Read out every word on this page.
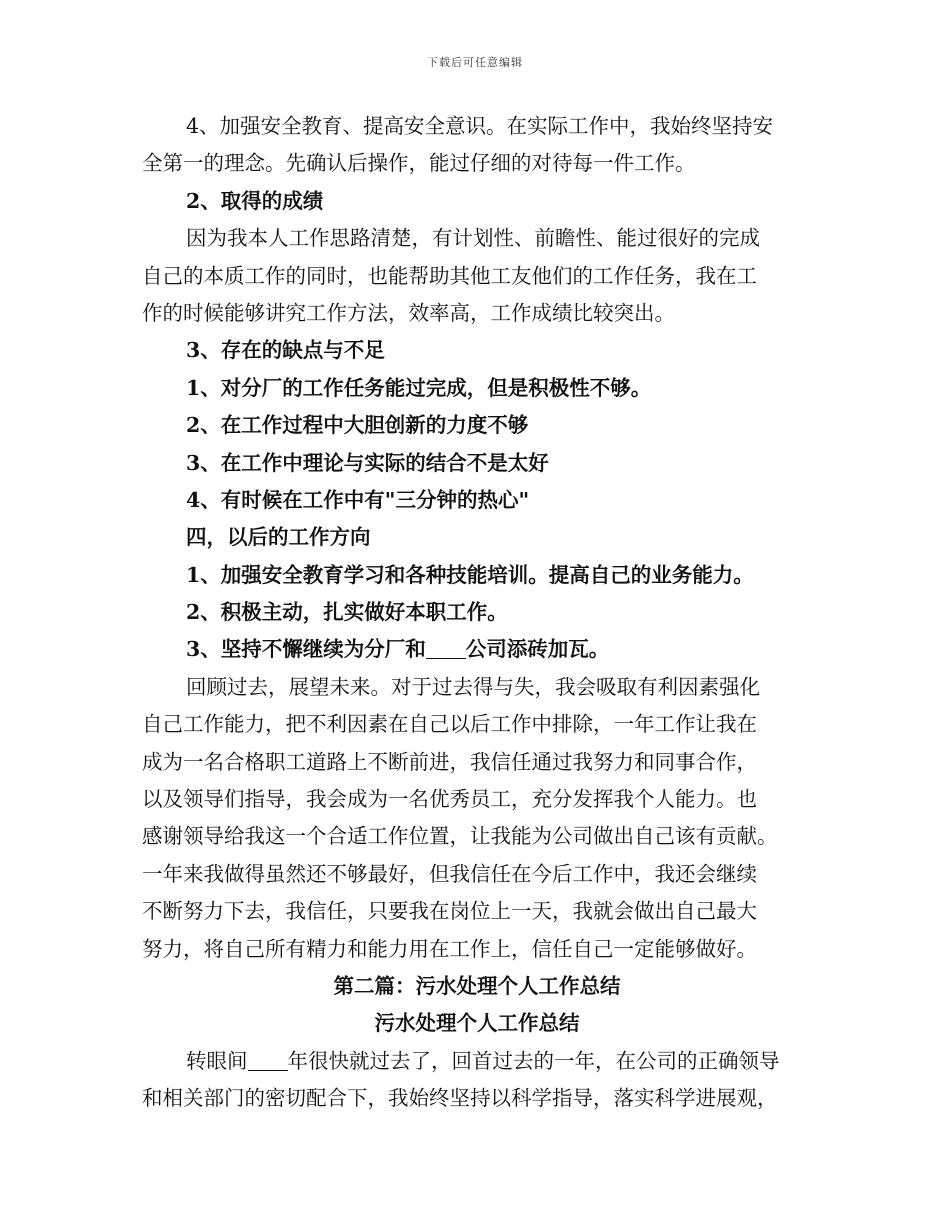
下载后可任意编辑
4、加强安全教育、提高安全意识。在实际工作中，我始终坚持安
全第一的理念。先确认后操作，能过仔细的对待每一件工作。
2、取得的成绩
因为我本人工作思路清楚，有计划性、前瞻性、能过很好的完成
自己的本质工作的同时，也能帮助其他工友他们的工作任务，我在工
作的时候能够讲究工作方法，效率高，工作成绩比较突出。
3、存在的缺点与不足
1、对分厂的工作任务能过完成，但是积极性不够。
2、在工作过程中大胆创新的力度不够
3、在工作中理论与实际的结合不是太好
4、有时候在工作中有"三分钟的热心"
四，以后的工作方向
1、加强安全教育学习和各种技能培训。提高自己的业务能力。
2、积极主动，扎实做好本职工作。
3、坚持不懈继续为分厂和 公司添砖加瓦。
回顾过去，展望未来。对于过去得与失，我会吸取有利因素强化
自己工作能力，把不利因素在自己以后工作中排除，一年工作让我在
成为一名合格职工道路上不断前进，我信任通过我努力和同事合作，
以及领导们指导，我会成为一名优秀员工，充分发挥我个人能力。也
感谢领导给我这一个合适工作位置，让我能为公司做出自己该有贡献。
一年来我做得虽然还不够最好，但我信任在今后工作中，我还会继续
不断努力下去，我信任，只要我在岗位上一天，我就会做出自己最大
努力，将自己所有精力和能力用在工作上，信任自己一定能够做好。
第二篇：污水处理个人工作总结
污水处理个人工作总结
转眼间 年很快就过去了，回首过去的一年，在公司的正确领导
和相关部门的密切配合下，我始终坚持以科学指导，落实科学进展观，
